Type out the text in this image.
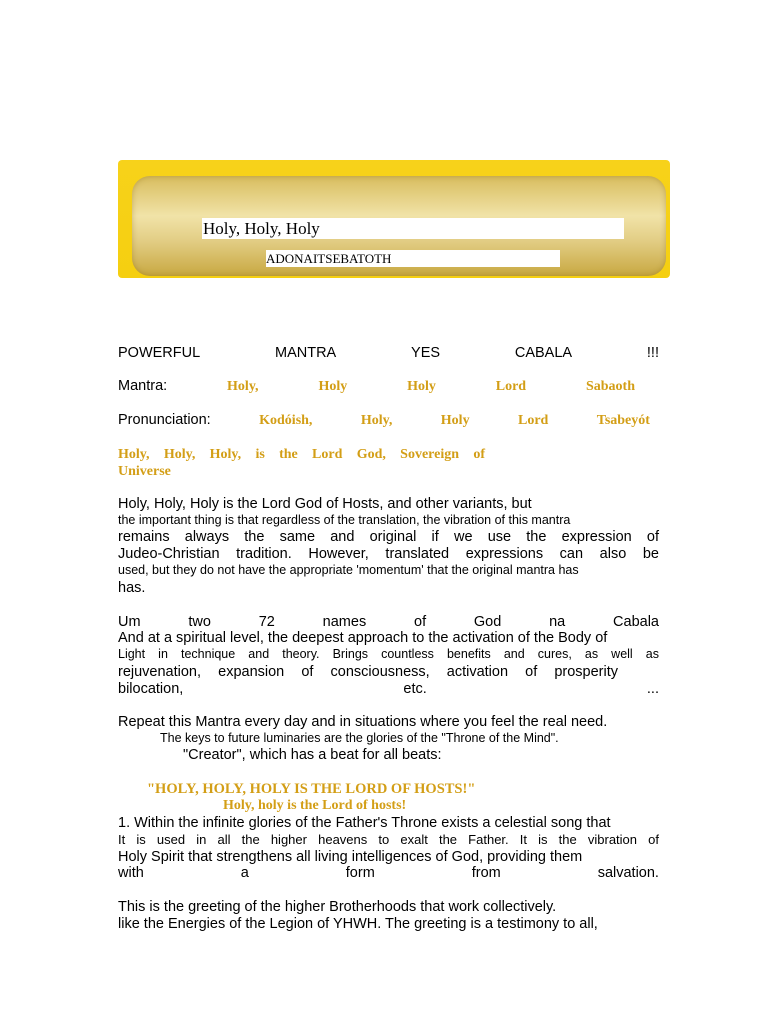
Holy, Holy, Holy
ADONAITSEBATOTH
POWERFUL	MANTRA	YES	CABALA	!!!
Mantra:	Holy,	Holy	Holy	Lord	Sabaoth
Pronunciation:	Kodóish,	Holy,	Holy	Lord	Tsabeyót
Holy, Holy, Holy, is the Lord God, Sovereign of
Universe
Holy, Holy, Holy is the Lord God of Hosts, and other variants, but
the important thing is that regardless of the translation, the vibration of this mantra
remains always the same and original if we use the expression of
Judeo-Christian tradition. However, translated expressions can also be
used, but they do not have the appropriate 'momentum' that the original mantra has
has.
Um	two	72	names	of	God	na	Cabala
And at a spiritual level, the deepest approach to the activation of the Body of
Light in technique and theory. Brings countless benefits and cures, as well as
rejuvenation, expansion of consciousness, activation of prosperity
bilocation,	etc.	...
Repeat this Mantra every day and in situations where you feel the real need.
The keys to future luminaries are the glories of the "Throne of the Mind".
"Creator", which has a beat for all beats:
"HOLY, HOLY, HOLY IS THE LORD OF HOSTS!"
Holy, holy is the Lord of hosts!
1. Within the infinite glories of the Father's Throne exists a celestial song that
It is used in all the higher heavens to exalt the Father. It is the vibration of
Holy Spirit that strengthens all living intelligences of God, providing them
with	a	form	from	salvation.
This is the greeting of the higher Brotherhoods that work collectively.
like the Energies of the Legion of YHWH. The greeting is a testimony to all,
